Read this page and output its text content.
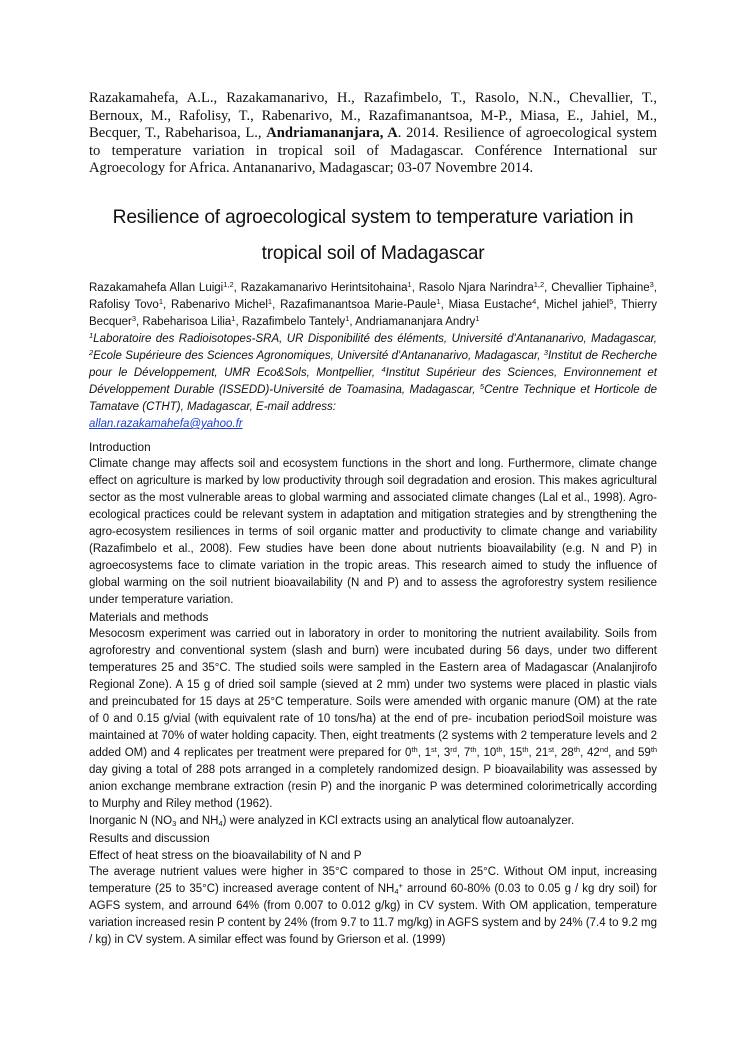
Razakamahefa, A.L., Razakamanarivo, H., Razafimbelo, T., Rasolo, N.N., Chevallier, T., Bernoux, M., Rafolisy, T., Rabenarivo, M., Razafimanantsoa, M-P., Miasa, E., Jahiel, M., Becquer, T., Rabeharisoa, L., Andriamananjara, A. 2014. Resilience of agroecological system to temperature variation in tropical soil of Madagascar. Conférence International sur Agroecology for Africa. Antananarivo, Madagascar; 03-07 Novembre 2014.

Resilience of agroecological system to temperature variation in tropical soil of Madagascar

Razakamahefa Allan Luigi$^{1,2}$, Razakamanarivo Herintsitohaina$^1$, Rasolo Njara Narindra$^{1,2}$, Chevallier Tiphaine$^3$, Rafolisy Tovo$^1$, Rabenarivo Michel$^1$, Razafimanantsoa Marie-Paule$^1$, Miasa Eustache$^4$, Michel jahiel$^5$, Thierry Becquer$^3$, Rabeharisoa Lilia$^1$, Razafimbelo Tantely$^1$, Andriamananjara Andry$^1$

$^1$Laboratoire des Radioisotopes-SRA, UR Disponibilité des éléments, Université d'Antananarivo, Madagascar, $^2$Ecole Supérieure des Sciences Agronomiques, Université d'Antananarivo, Madagascar, $^3$Institut de Recherche pour le Développement, UMR Eco&Sols, Montpellier, $^4$Institut Supérieur des Sciences, Environnement et Développement Durable (ISSEDD)-Université de Toamasina, Madagascar, $^5$Centre Technique et Horticole de Tamatave (CTHT), Madagascar, E-mail address:
allan.razakamahefa@yahoo.fr

Introduction

Climate change may affects soil and ecosystem functions in the short and long. Furthermore, climate change effect on agriculture is marked by low productivity through soil degradation and erosion. This makes agricultural sector as the most vulnerable areas to global warming and associated climate changes (Lal et al., 1998). Agro-ecological practices could be relevant system in adaptation and mitigation strategies and by strengthening the agro-ecosystem resiliences in terms of soil organic matter and productivity to climate change and variability (Razafimbelo et al., 2008). Few studies have been done about nutrients bioavailability (e.g. N and P) in agroecosystems face to climate variation in the tropic areas. This research aimed to study the influence of global warming on the soil nutrient bioavailability (N and P) and to assess the agroforestry system resilience under temperature variation.

Materials and methods

Mesocosm experiment was carried out in laboratory in order to monitoring the nutrient availability. Soils from agroforestry and conventional system (slash and burn) were incubated during 56 days, under two different temperatures 25 and 35°C. The studied soils were sampled in the Eastern area of Madagascar (Analanjirofo Regional Zone). A 15 g of dried soil sample (sieved at 2 mm) under two systems were placed in plastic vials and preincubated for 15 days at 25°C temperature. Soils were amended with organic manure (OM) at the rate of 0 and 0.15 g/vial (with equivalent rate of 10 tons/ha) at the end of pre- incubation periodSoil moisture was maintained at 70% of water holding capacity. Then, eight treatments (2 systems with 2 temperature levels and 2 added OM) and 4 replicates per treatment were prepared for 0th, 1st, 3rd, 7th, 10th, 15th, 21st, 28th, 42nd, and 59th day giving a total of 288 pots arranged in a completely randomized design. P bioavailability was assessed by anion exchange membrane extraction (resin P) and the inorganic P was determined colorimetrically according to Murphy and Riley method (1962).

Inorganic N ($NO_3$ and $NH_4$) were analyzed in KCl extracts using an analytical flow autoanalyzer.

Results and discussion
Effect of heat stress on the bioavailability of N and P

The average nutrient values were higher in 35°C compared to those in 25°C. Without OM input, increasing temperature (25 to 35°C) increased average content of $NH_4^+$ arround 60-80% (0.03 to 0.05 g / kg dry soil) for AGFS system, and arround 64% (from 0.007 to 0.012 g/kg) in CV system. With OM application, temperature variation increased resin P content by 24% (from 9.7 to 11.7 mg/kg) in AGFS system and by 24% (7.4 to 9.2 mg / kg) in CV system. A similar effect was found by Grierson et al. (1999)
